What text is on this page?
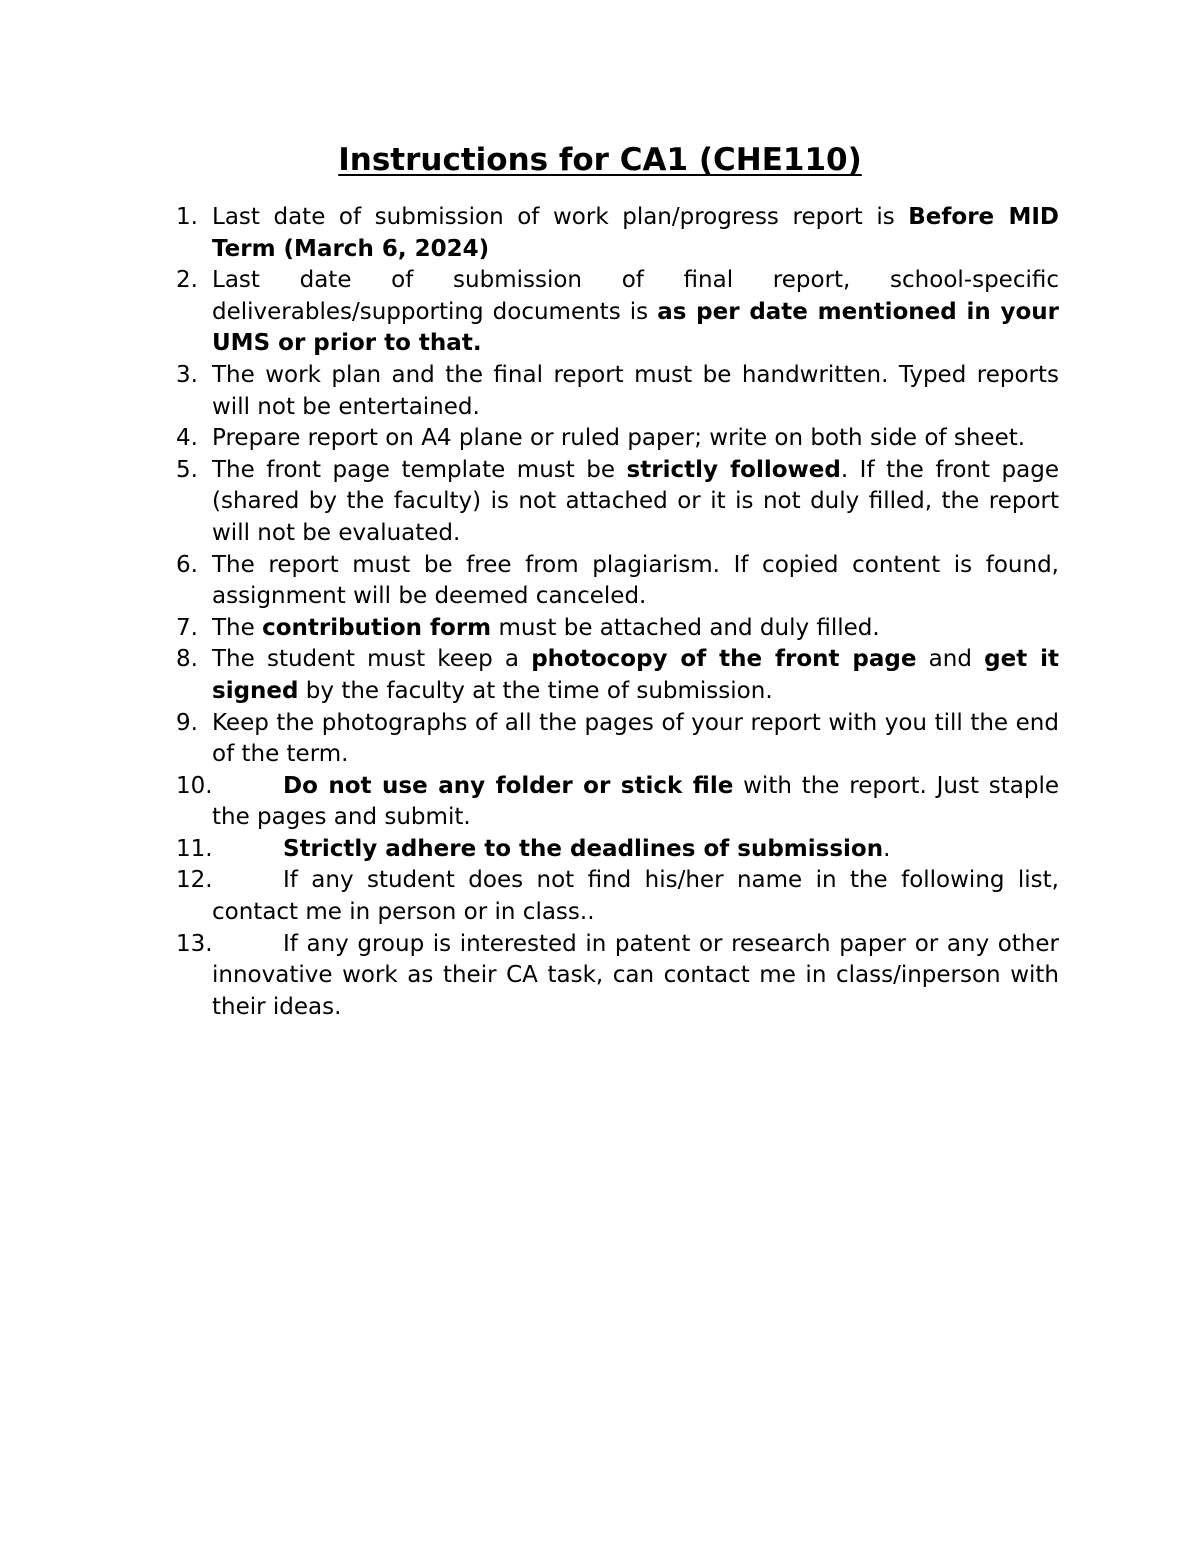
Instructions for CA1 (CHE110)
1. Last date of submission of work plan/progress report is Before MID Term (March 6, 2024)
2. Last date of submission of final report, school-specific deliverables/supporting documents is as per date mentioned in your UMS or prior to that.
3. The work plan and the final report must be handwritten. Typed reports will not be entertained.
4. Prepare report on A4 plane or ruled paper; write on both side of sheet.
5. The front page template must be strictly followed. If the front page (shared by the faculty) is not attached or it is not duly filled, the report will not be evaluated.
6. The report must be free from plagiarism. If copied content is found, assignment will be deemed canceled.
7. The contribution form must be attached and duly filled.
8. The student must keep a photocopy of the front page and get it signed by the faculty at the time of submission.
9. Keep the photographs of all the pages of your report with you till the end of the term.
10.	Do not use any folder or stick file with the report. Just staple the pages and submit.
11.	Strictly adhere to the deadlines of submission.
12.	If any student does not find his/her name in the following list, contact me in person or in class..
13.	If any group is interested in patent or research paper or any other innovative work as their CA task, can contact me in class/inperson with their ideas.
